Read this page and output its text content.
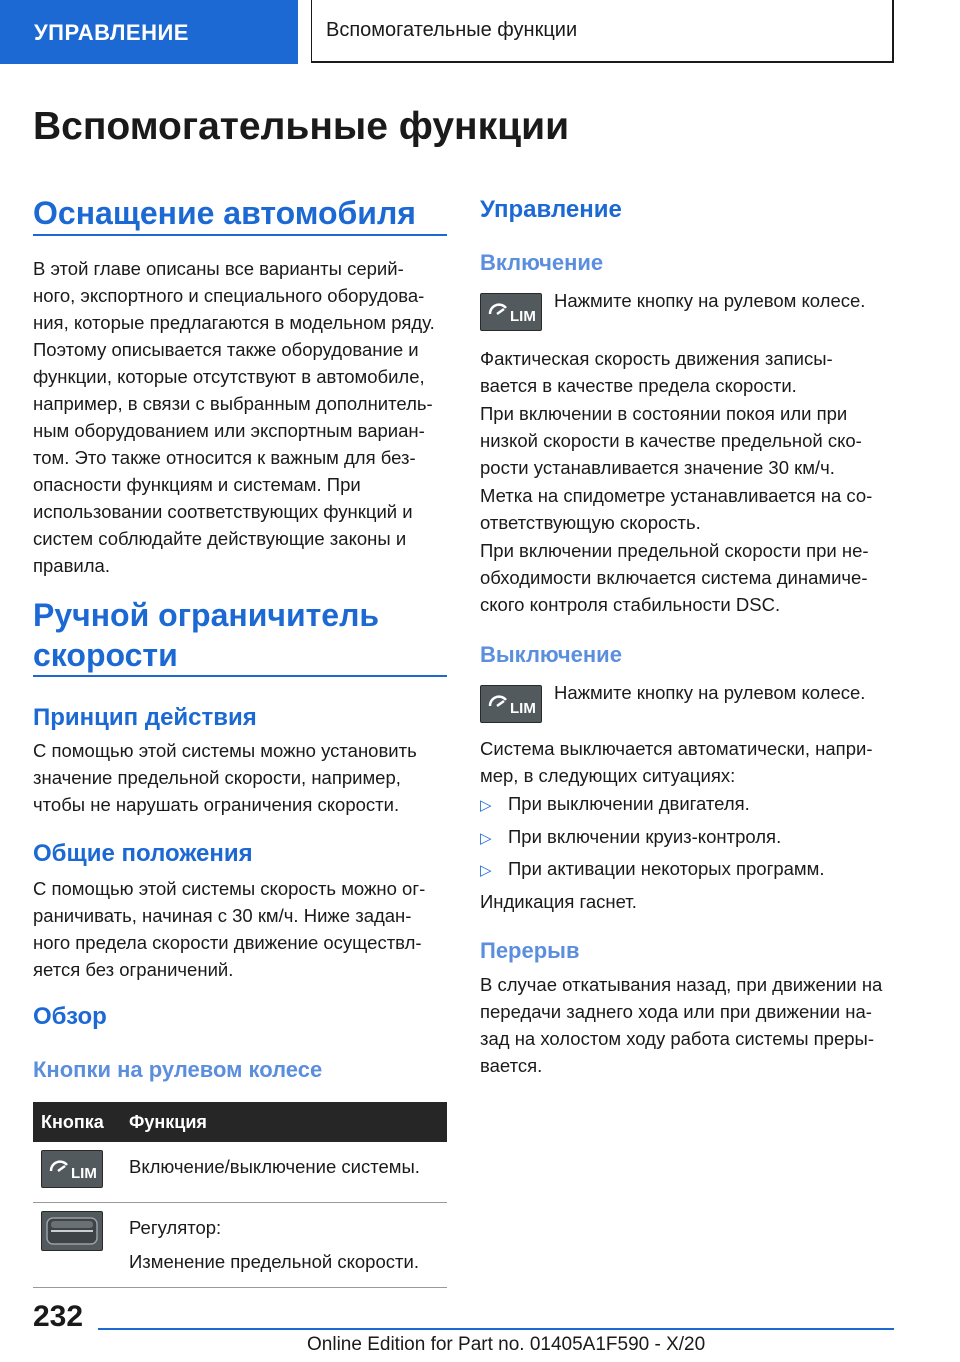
УПРАВЛЕНИЕ	Вспомогательные функции
Вспомогательные функции
Оснащение автомобиля

В этой главе описаны все варианты серий-
ного, экспортного и специального оборудова-
ния, которые предлагаются в модельном ряду.
Поэтому описывается также оборудование и
функции, которые отсутствуют в автомобиле,
например, в связи с выбранным дополнитель-
ным оборудованием или экспортным вариан-
том. Это также относится к важным для без-
опасности функциям и системам. При
использовании соответствующих функций и
систем соблюдайте действующие законы и
правила.

Ручной ограничитель
скорости
Принцип действия

С помощью этой системы можно установить
значение предельной скорости, например,
чтобы не нарушать ограничения скорости.

Общие положения

С помощью этой системы скорость можно ог-
раничивать, начиная с 30 км/ч. Ниже задан-
ного предела скорости движение осуществл-
яется без ограничений.

Обзор
Кнопки на рулевом колесе
Кнопка	Функция

LIM	Включение/выключение системы.

Регулятор:
Изменение предельной скорости.
Управление
Включение
LIM

Нажмите кнопку на рулевом колесе.

Фактическая скорость движения записы-
вается в качестве предела скорости.

При включении в состоянии покоя или при
низкой скорости в качестве предельной ско-
рости устанавливается значение 30 км/ч.

Метка на спидометре устанавливается на со-
ответствующую скорость.

При включении предельной скорости при не-
обходимости включается система динамиче-
ского контроля стабильности DSC.

Выключение
LIM

Нажмите кнопку на рулевом колесе.

Система выключается автоматически, напри-
мер, в следующих ситуациях:

▷ При выключении двигателя.
▷ При включении круиз-контроля.
▷ При активации некоторых программ.

Индикация гаснет.

Перерыв

В случае откатывания назад, при движении на
передачи заднего хода или при движении на-
зад на холостом ходу работа системы преры-
вается.

232
Online Edition for Part no. 01405A1F590 - X/20
